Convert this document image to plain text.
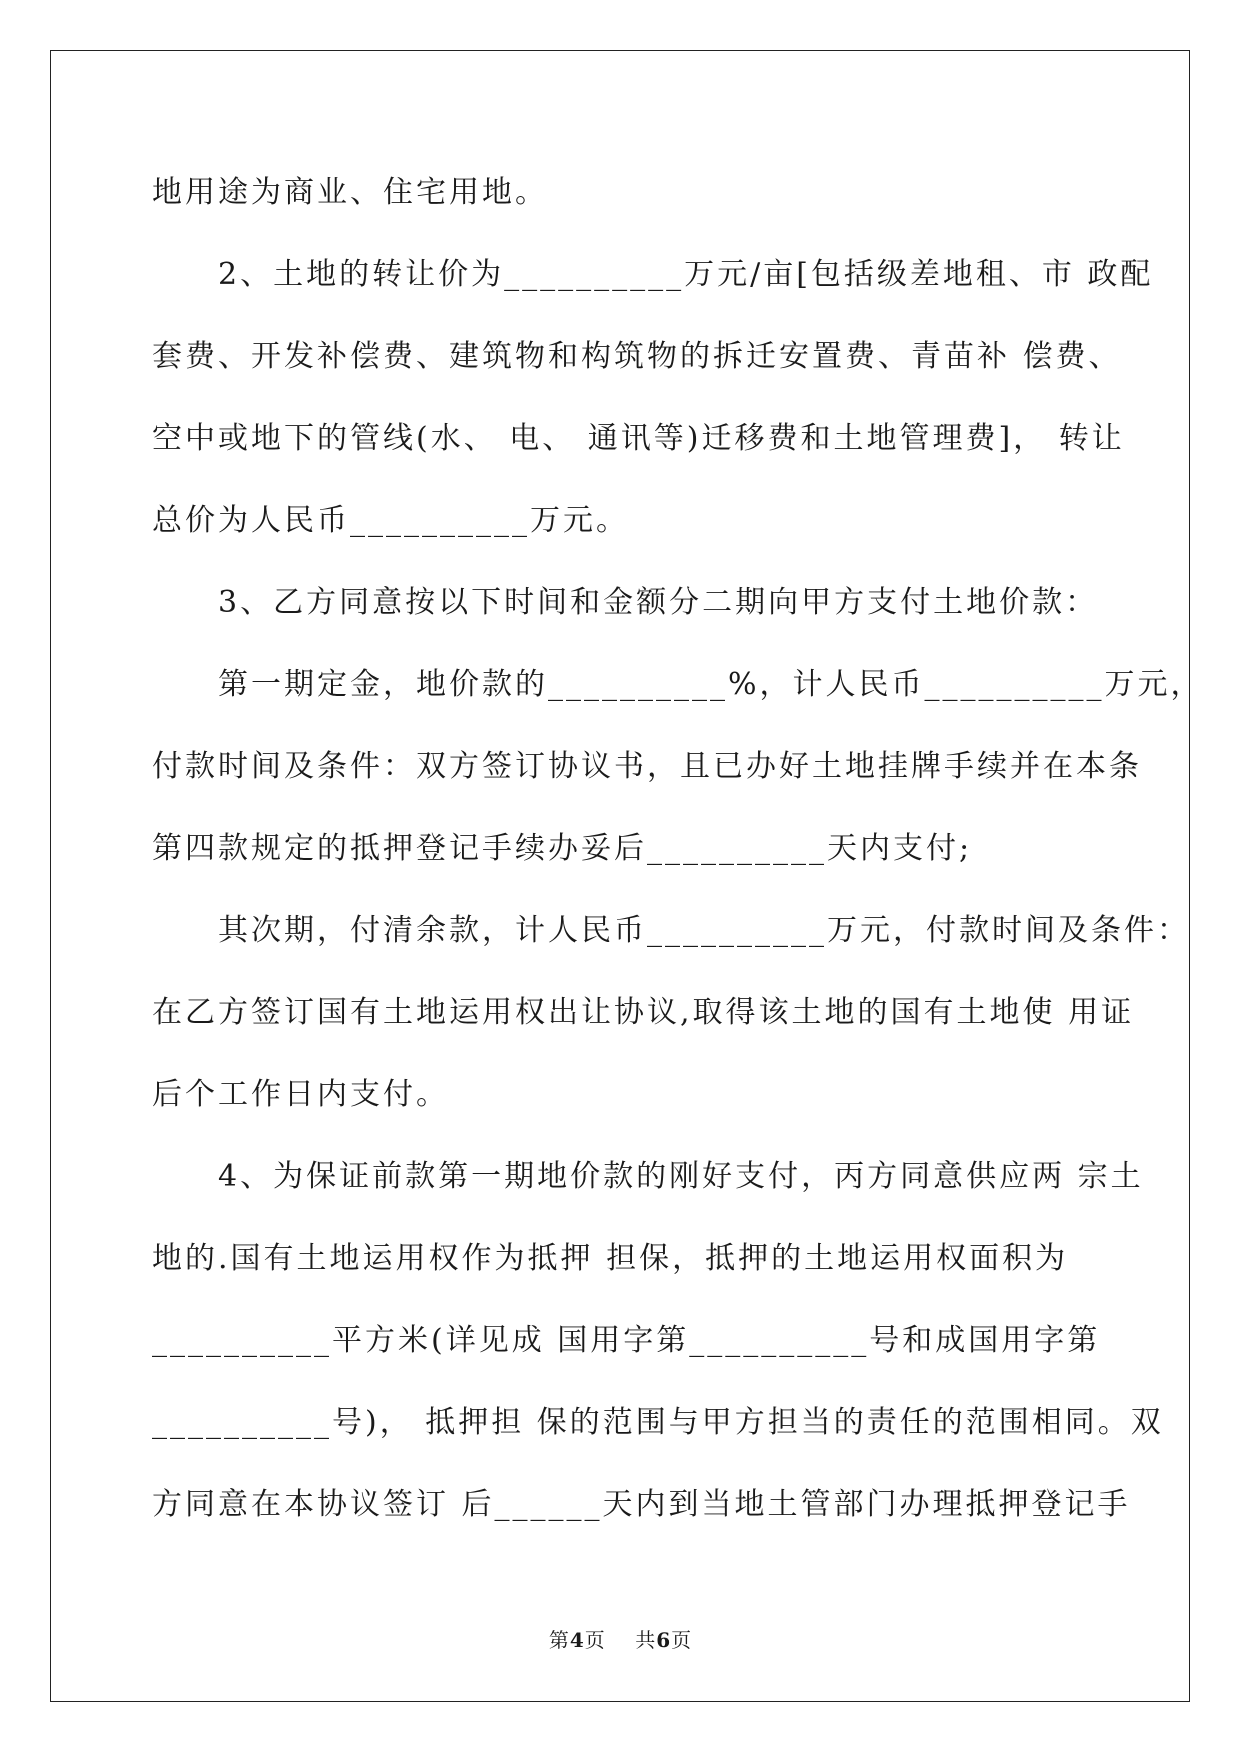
地用途为商业、住宅用地。
　　2、土地的转让价为__________万元/亩[包括级差地租、市 政配
套费、开发补偿费、建筑物和构筑物的拆迁安置费、青苗补 偿费、
空中或地下的管线(水、 电、 通讯等)迁移费和土地管理费]， 转让
总价为人民币__________万元。
　　3、乙方同意按以下时间和金额分二期向甲方支付土地价款：
　　第一期定金，地价款的__________%，计人民币__________万元，
付款时间及条件：双方签订协议书，且已办好土地挂牌手续并在本条
第四款规定的抵押登记手续办妥后__________天内支付;
　　其次期，付清余款，计人民币__________万元，付款时间及条件：
在乙方签订国有土地运用权出让协议,取得该土地的国有土地使 用证
后个工作日内支付。
　　4、为保证前款第一期地价款的刚好支付，丙方同意供应两 宗土
地的.国有土地运用权作为抵押 担保，抵押的土地运用权面积为
__________平方米(详见成 国用字第__________号和成国用字第
__________号)， 抵押担 保的范围与甲方担当的责任的范围相同。双
方同意在本协议签订 后______天内到当地土管部门办理抵押登记手
第4页 共6页
